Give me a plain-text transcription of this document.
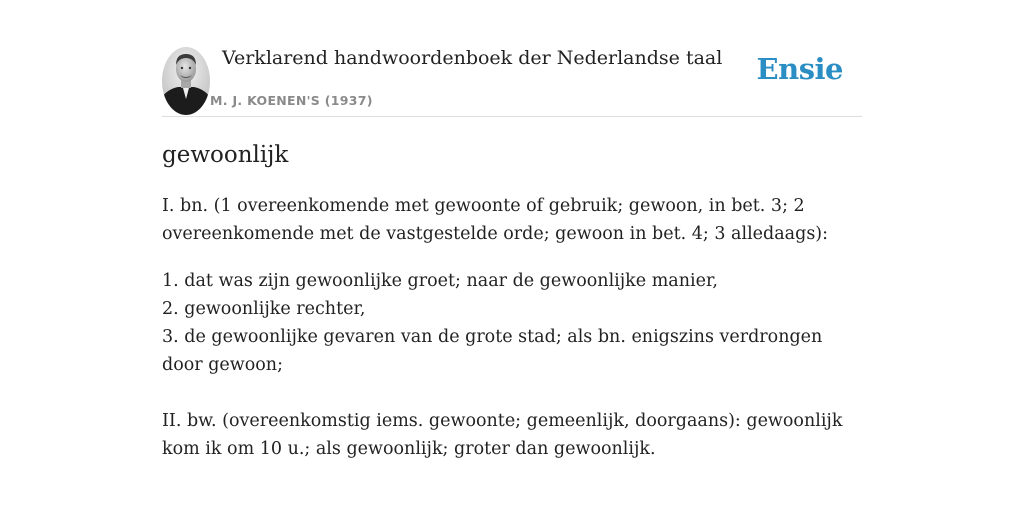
Verklarend handwoordenboek der Nederlandse taal
M. J. KOENEN'S (1937)
Ensie
gewoonlijk

I. bn. (1 overeenkomende met gewoonte of gebruik; gewoon, in bet. 3; 2 overeenkomende met de vastgestelde orde; gewoon in bet. 4; 3 alledaags):

1. dat was zijn gewoonlijke groet; naar de gewoonlijke manier,

2. gewoonlijke rechter,

3. de gewoonlijke gevaren van de grote stad; als bn. enigszins verdrongen door gewoon;

II. bw. (overeenkomstig iems. gewoonte; gemeenlijk, doorgaans): gewoonlijk kom ik om 10 u.; als gewoonlijk; groter dan gewoonlijk.
